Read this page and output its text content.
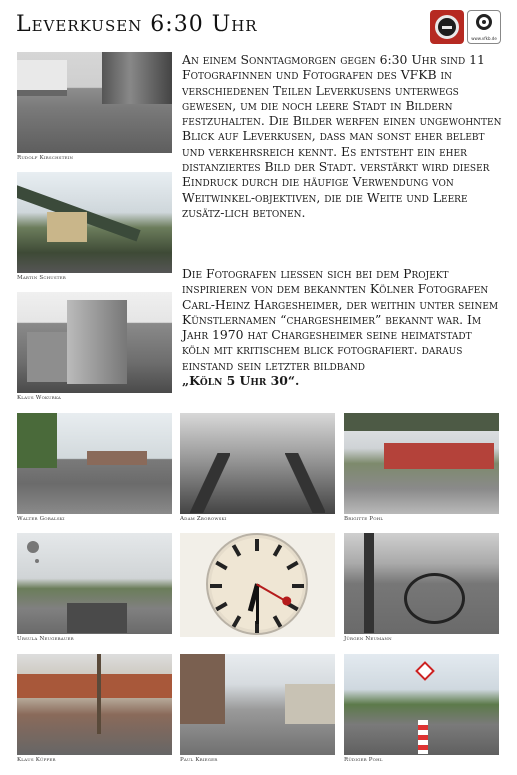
Leverkusen 6:30 Uhr
www.vfkb.de
Rudolf Kirschstein
Martin Schuster
Klaus Wokurka
An einem Sonntagmorgen gegen 6:30 Uhr sind 11 Fotografinnen und Fotografen des VFKB in verschiedenen Teilen Leverkusens unterwegs gewesen, um die noch leere Stadt in Bildern festzuhalten. Die Bilder werfen einen ungewohnten Blick auf Leverkusen, dass man sonst eher belebt und verkehrsreich kennt. Es entsteht ein eher distanziertes Bild der Stadt. verstärkt wird dieser Eindruck durch die häufige Verwendung von Weitwinkel-objektiven, die die Weite und Leere zusätz-lich betonen.
Die Fotografen liessen sich bei dem Projekt inspirieren von dem bekannten Kölner Fotografen Carl-Heinz Hargesheimer, der weithin unter seinem Künstlernamen “chargesheimer” bekannt war. Im Jahr 1970 hat Chargesheimer seine heimatstadt köln mit kritischem blick fotografiert. daraus einstand sein letzter bildband
„Köln 5 Uhr 30“.
Walter Goralski	Adam Zborowski	Brigitte Pohl
Ursula Neugebauer	Jürgen Neumann
Klaus Küpper	Paul Krieger	Rüdiger Pohl
